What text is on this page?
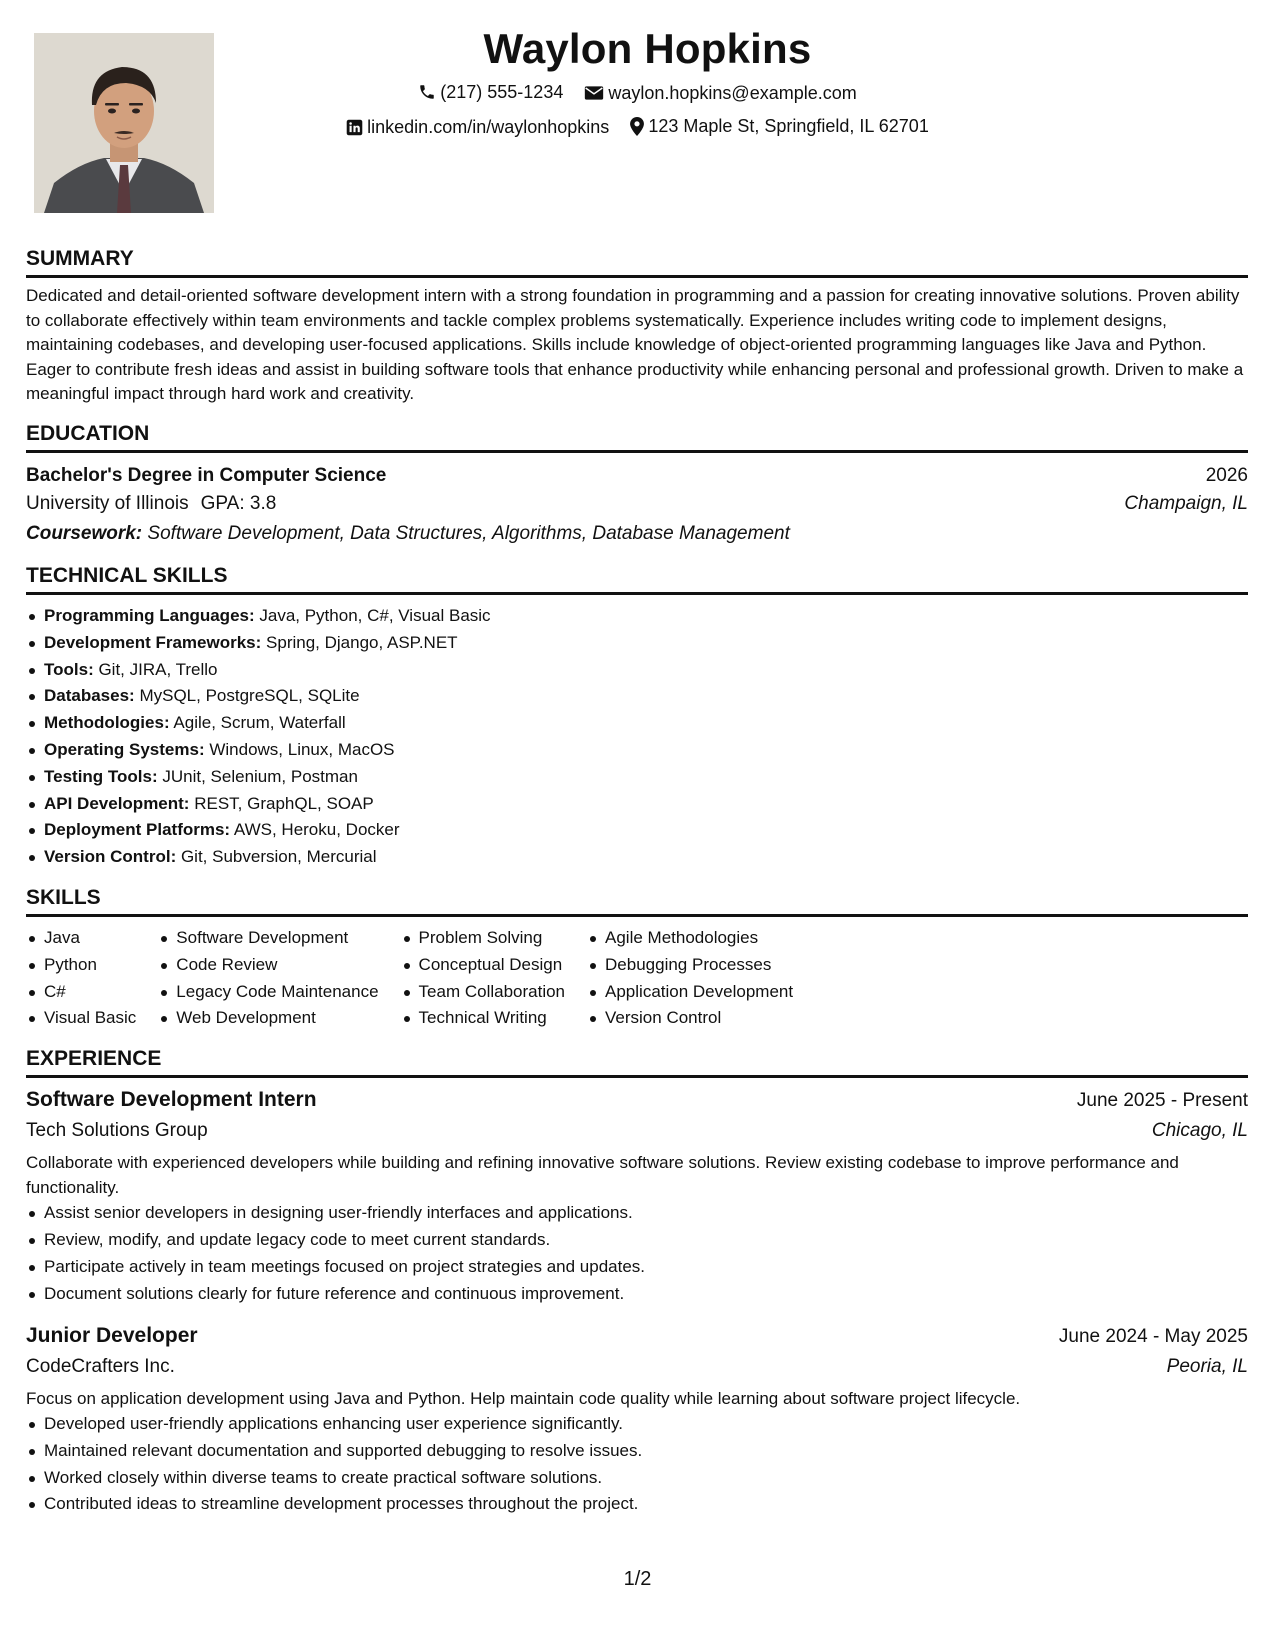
Waylon Hopkins
(217) 555-1234
	waylon.hopkins@example.com
linkedin.com/in/waylonhopkins
123 Maple St, Springfield, IL 62701
SUMMARY

Dedicated and detail-oriented software development intern with a strong foundation in programming and a passion for creating innovative solutions. Proven ability to collaborate effectively within team environments and tackle complex problems systematically. Experience includes writing code to implement designs, maintaining codebases, and developing user-focused applications. Skills include knowledge of object-oriented programming languages like Java and Python. Eager to contribute fresh ideas and assist in building software tools that enhance productivity while enhancing personal and professional growth. Driven to make a meaningful impact through hard work and creativity.

EDUCATION
Bachelor's Degree in Computer Science	2026
University of Illinois GPA: 3.8	Champaign, IL
Coursework: Software Development, Data Structures, Algorithms, Database Management
TECHNICAL SKILLS
Programming Languages: Java, Python, C#, Visual Basic
Development Frameworks: Spring, Django, ASP.NET
Tools: Git, JIRA, Trello
Databases: MySQL, PostgreSQL, SQLite
Methodologies: Agile, Scrum, Waterfall
Operating Systems: Windows, Linux, MacOS
Testing Tools: JUnit, Selenium, Postman
API Development: REST, GraphQL, SOAP
Deployment Platforms: AWS, Heroku, Docker
Version Control: Git, Subversion, Mercurial
SKILLS
Java
Python
C#
Visual Basic
Software Development
Code Review
Legacy Code Maintenance
Web Development
Problem Solving
Conceptual Design
Team Collaboration
Technical Writing
Agile Methodologies
Debugging Processes
Application Development
Version Control
EXPERIENCE
Software Development Intern	June 2025 - Present
Tech Solutions Group	Chicago, IL

Collaborate with experienced developers while building and refining innovative software solutions. Review existing codebase to improve performance and functionality.

Assist senior developers in designing user-friendly interfaces and applications.
Review, modify, and update legacy code to meet current standards.
Participate actively in team meetings focused on project strategies and updates.
Document solutions clearly for future reference and continuous improvement.
Junior Developer	June 2024 - May 2025
CodeCrafters Inc.	Peoria, IL

Focus on application development using Java and Python. Help maintain code quality while learning about software project lifecycle.

Developed user-friendly applications enhancing user experience significantly.
Maintained relevant documentation and supported debugging to resolve issues.
Worked closely within diverse teams to create practical software solutions.
Contributed ideas to streamline development processes throughout the project.
1/2
